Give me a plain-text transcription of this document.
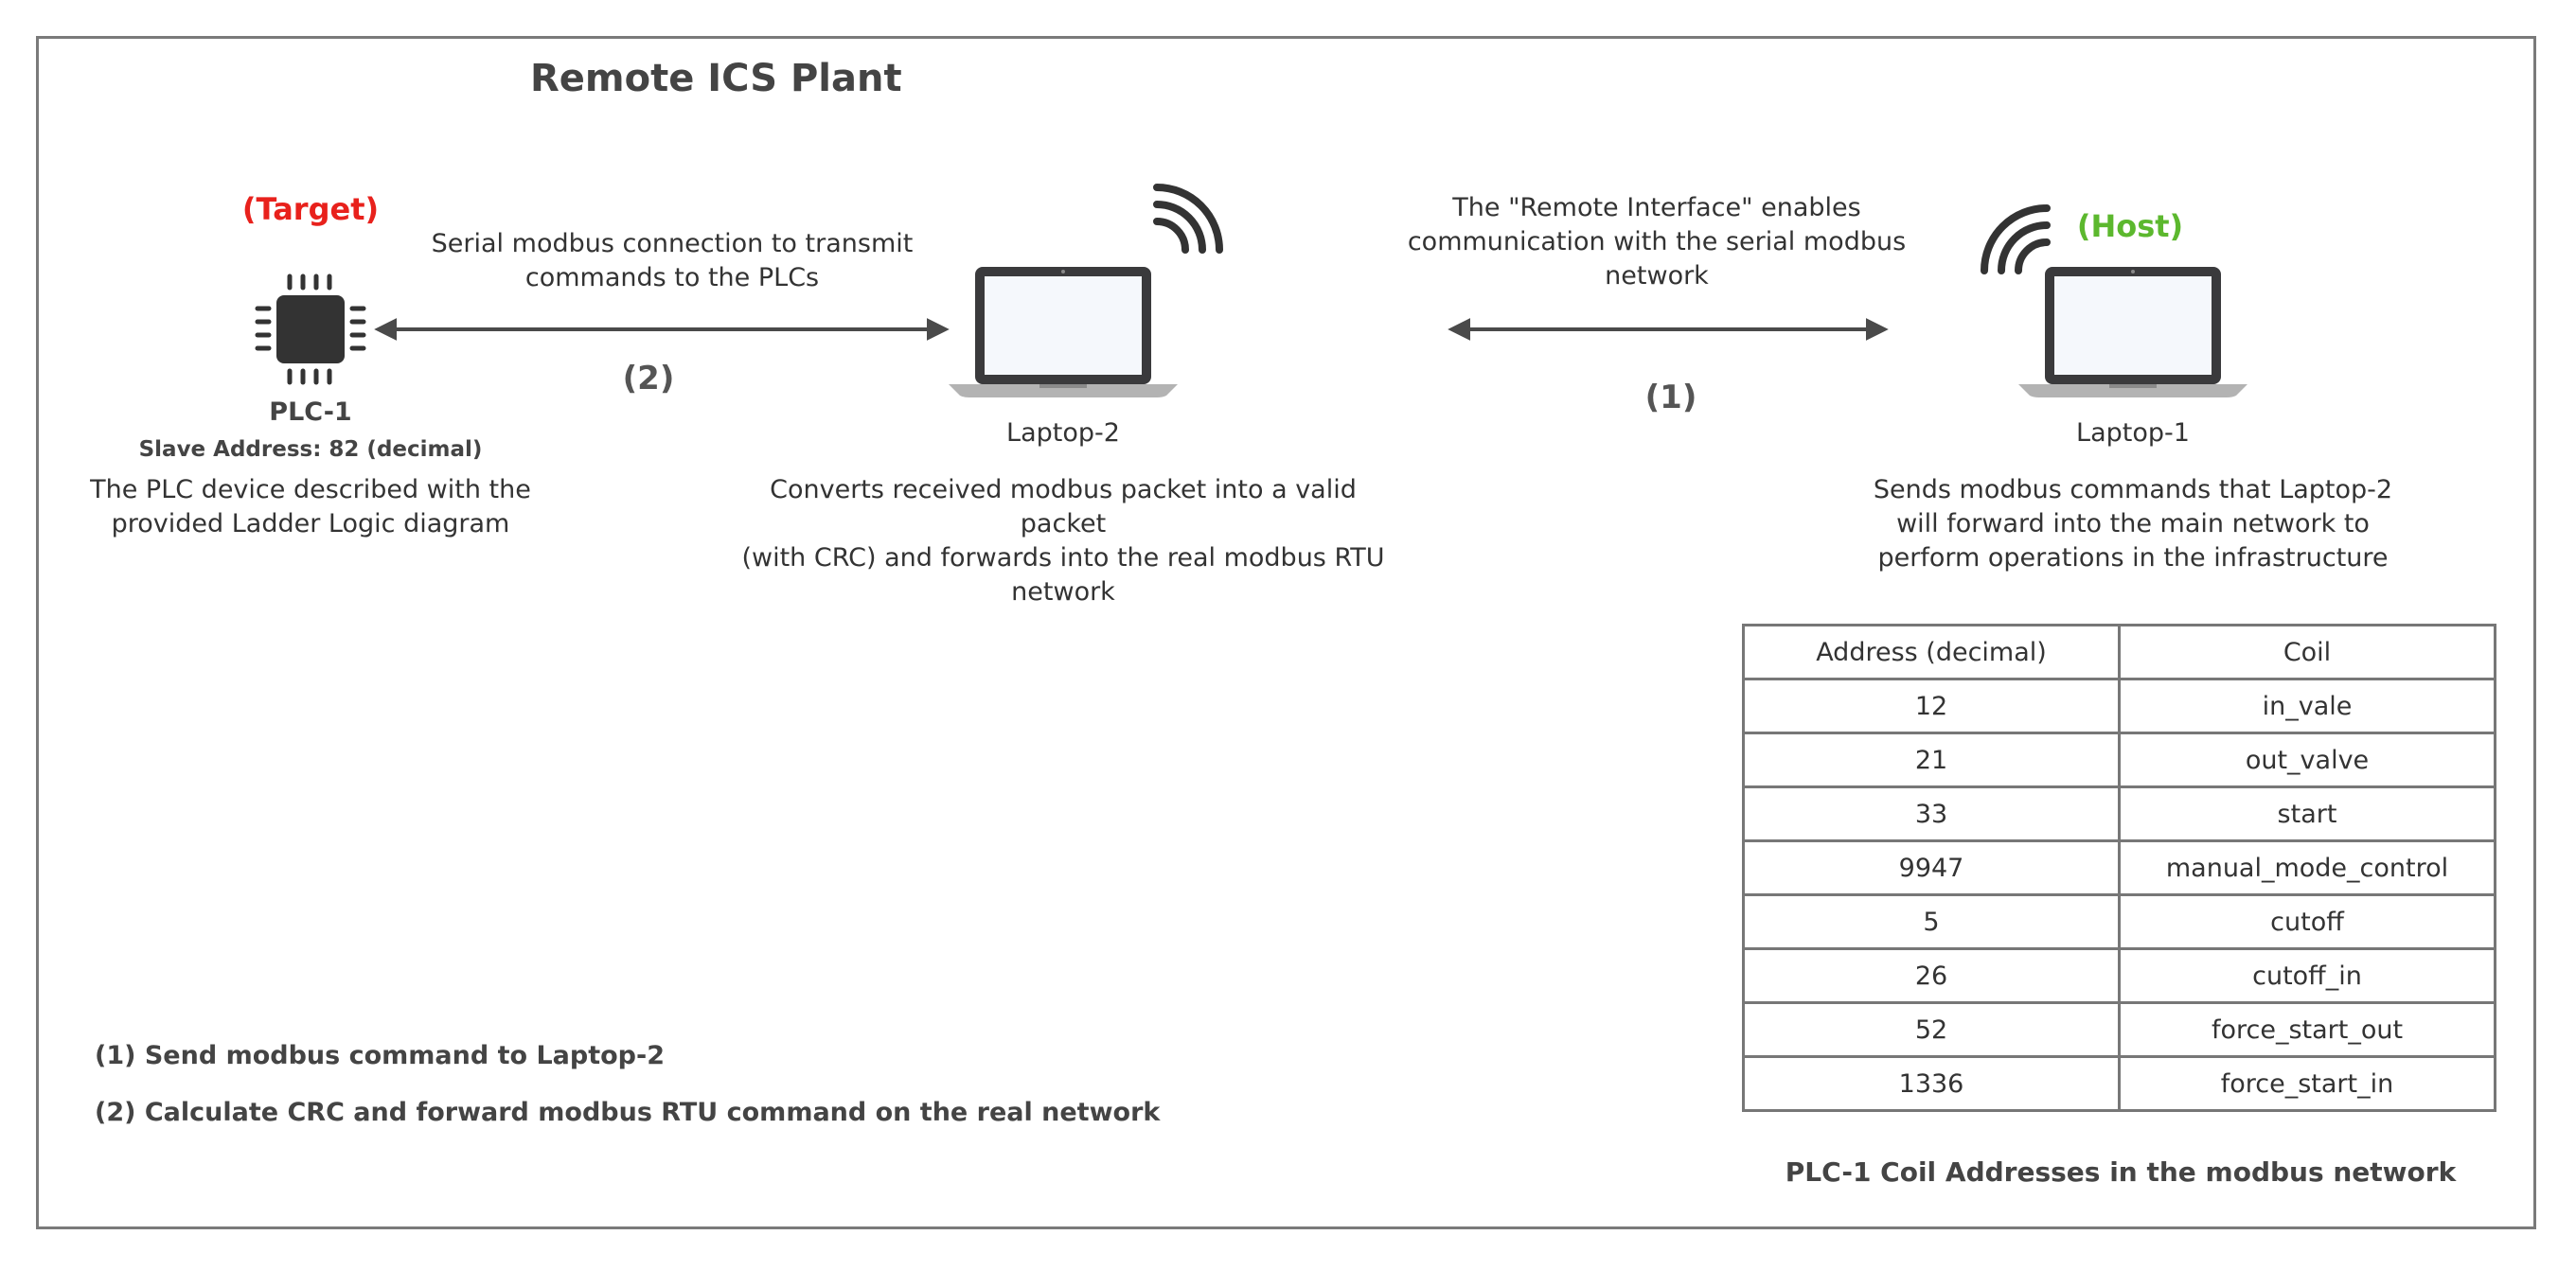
Remote ICS Plant
(Target)
PLC-1
Slave Address: 82 (decimal)
The PLC device described with the
provided Ladder Logic diagram
Serial modbus connection to transmit
commands to the PLCs
(2)
Laptop-2
Converts received modbus packet into a valid packet
(with CRC) and forwards into the real modbus RTU
network
The "Remote Interface" enables
communication with the serial modbus
network
(1)
(Host)
Laptop-1
Sends modbus commands that Laptop-2
will forward into the main network to
perform operations in the infrastructure
Address (decimal)	Coil
12	in_vale
21	out_valve
33	start
9947	manual_mode_control
5	cutoff
26	cutoff_in
52	force_start_out
1336	force_start_in
PLC-1 Coil Addresses in the modbus network
(1) Send modbus command to Laptop-2
(2) Calculate CRC and forward modbus RTU command on the real network
